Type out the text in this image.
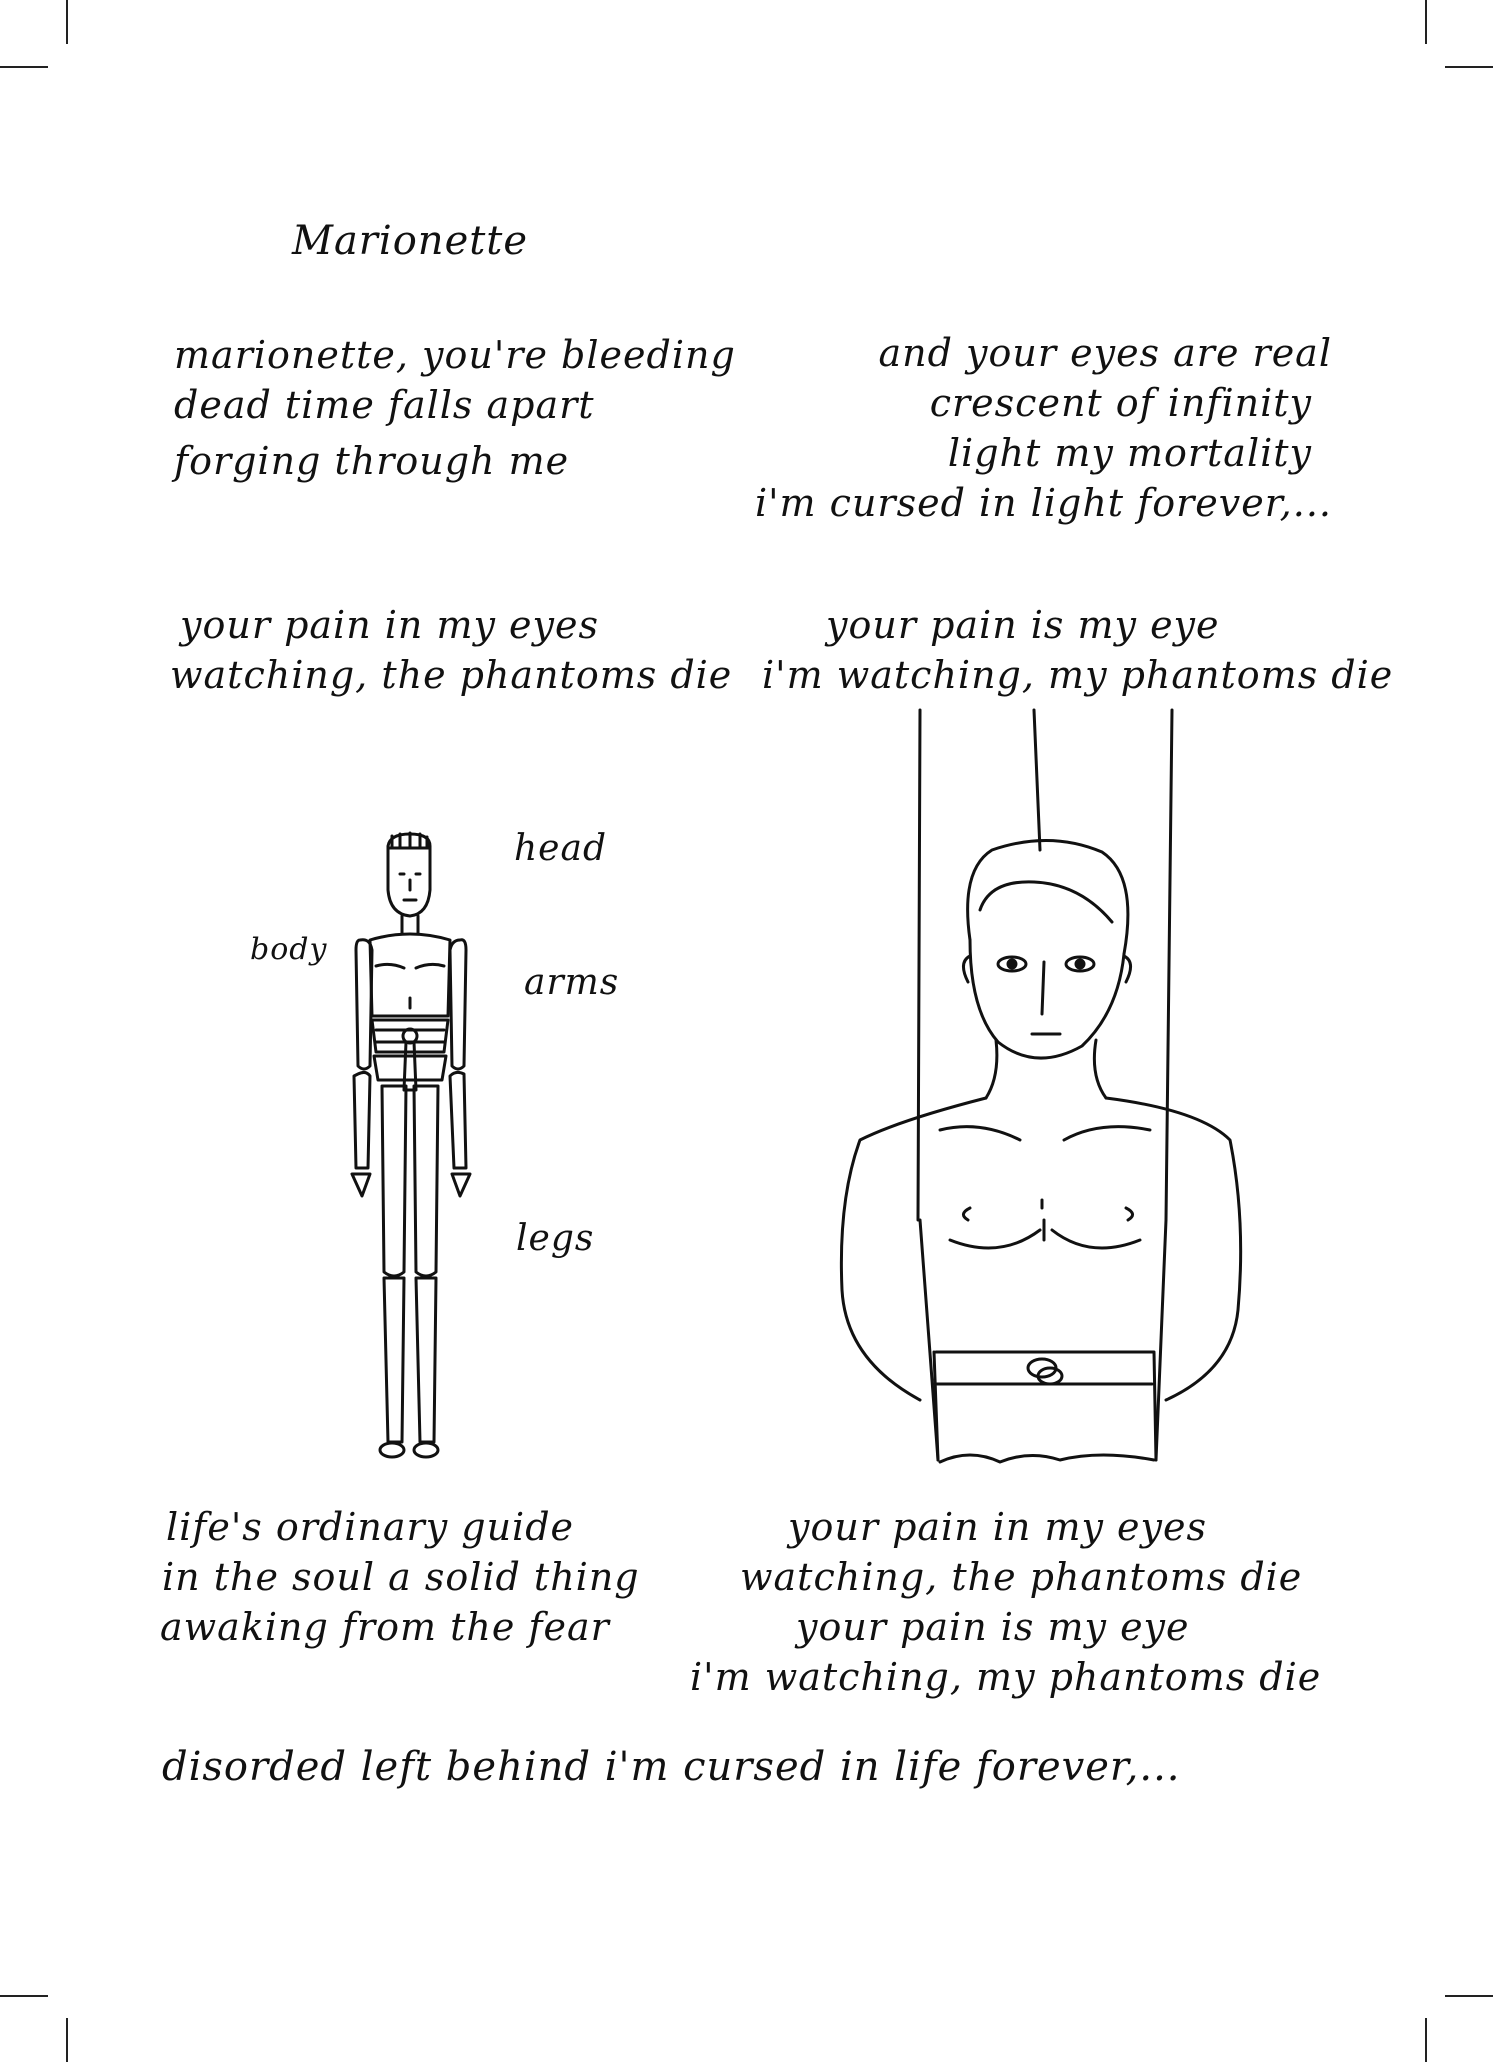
Marionette
marionette, you're bleeding
dead time falls apart
forging through me
and your eyes are real
crescent of infinity
light my mortality
i'm cursed in light forever,...
your pain in my eyes
watching, the phantoms die
your pain is my eye
i'm watching, my phantoms die
head
body
arms
legs
life's ordinary guide
in the soul a solid thing
awaking from the fear
your pain in my eyes
watching, the phantoms die
your pain is my eye
i'm watching, my phantoms die
disorded left behind i'm cursed in life forever,...
